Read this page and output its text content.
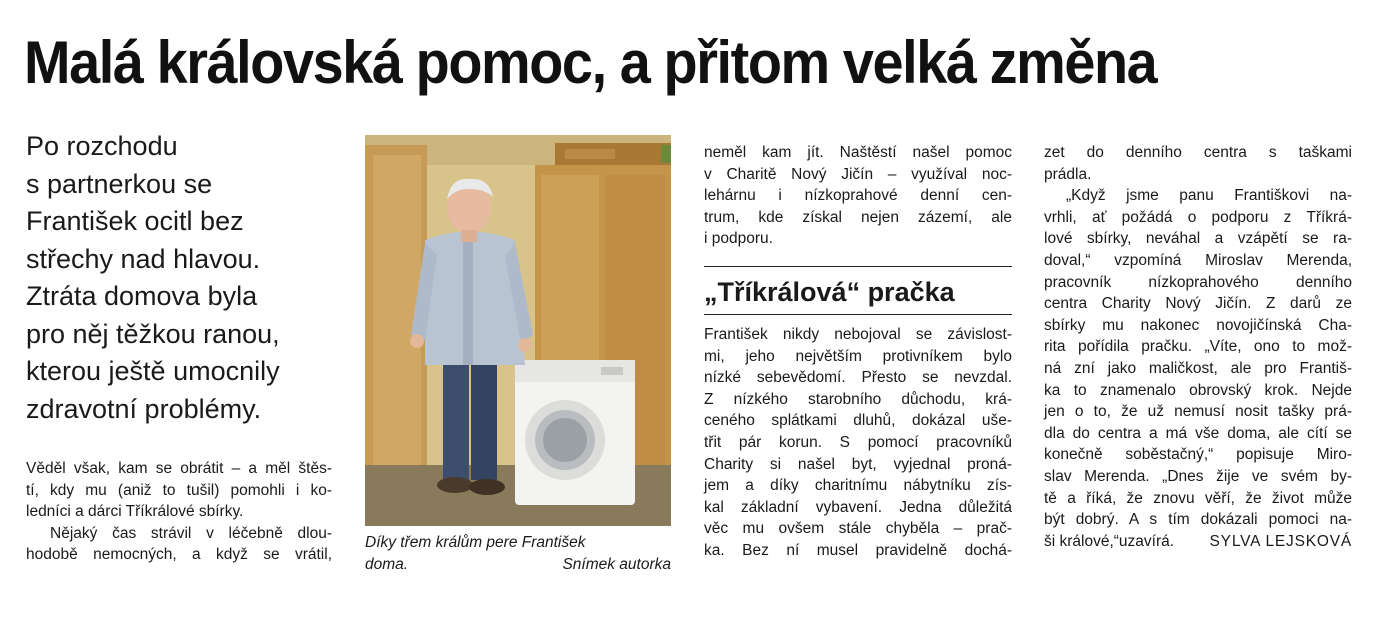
Malá královská pomoc, a přitom velká změna
Po rozchodu
s partnerkou se
František ocitl bez
střechy nad hlavou.
Ztráta domova byla
pro něj těžkou ranou,
kterou ještě umocnily
zdravotní problémy.
Věděl však, kam se obrátit – a měl štěs-
tí, kdy mu (aniž to tušil) pomohli i ko-
ledníci a dárci Tříkrálové sbírky.
Nějaký čas strávil v léčebně dlou-
hodobě nemocných, a když se vrátil,
Díky třem králům pere František
doma.	Snímek autorka
neměl kam jít. Naštěstí našel pomoc
v Charitě Nový Jičín – využíval noc-
lehárnu i nízkoprahové denní cen-
trum, kde získal nejen zázemí, ale
i podporu.
„Tříkrálová“ pračka
František nikdy nebojoval se závislost-
mi, jeho největším protivníkem bylo
nízké sebevědomí. Přesto se nevzdal.
Z nízkého starobního důchodu, krá-
ceného splátkami dluhů, dokázal uše-
třit pár korun. S pomocí pracovníků
Charity si našel byt, vyjednal proná-
jem a díky charitnímu nábytníku zís-
kal základní vybavení. Jedna důležitá
věc mu ovšem stále chyběla – prač-
ka. Bez ní musel pravidelně dochá-
zet do denního centra s taškami
prádla.
„Když jsme panu Františkovi na-
vrhli, ať požádá o podporu z Tříkrá-
lové sbírky, neváhal a vzápětí se ra-
doval,“ vzpomíná Miroslav Merenda,
pracovník nízkoprahového denního
centra Charity Nový Jičín. Z darů ze
sbírky mu nakonec novojičínská Cha-
rita pořídila pračku. „Víte, ono to mož-
ná zní jako maličkost, ale pro Františ-
ka to znamenalo obrovský krok. Nejde
jen o to, že už nemusí nosit tašky prá-
dla do centra a má vše doma, ale cítí se
konečně soběstačný,“ popisuje Miro-
slav Merenda. „Dnes žije ve svém by-
tě a říká, že znovu věří, že život může
být dobrý. A s tím dokázali pomoci na-
ši králové,“uzavírá. SYLVA LEJSKOVÁ
